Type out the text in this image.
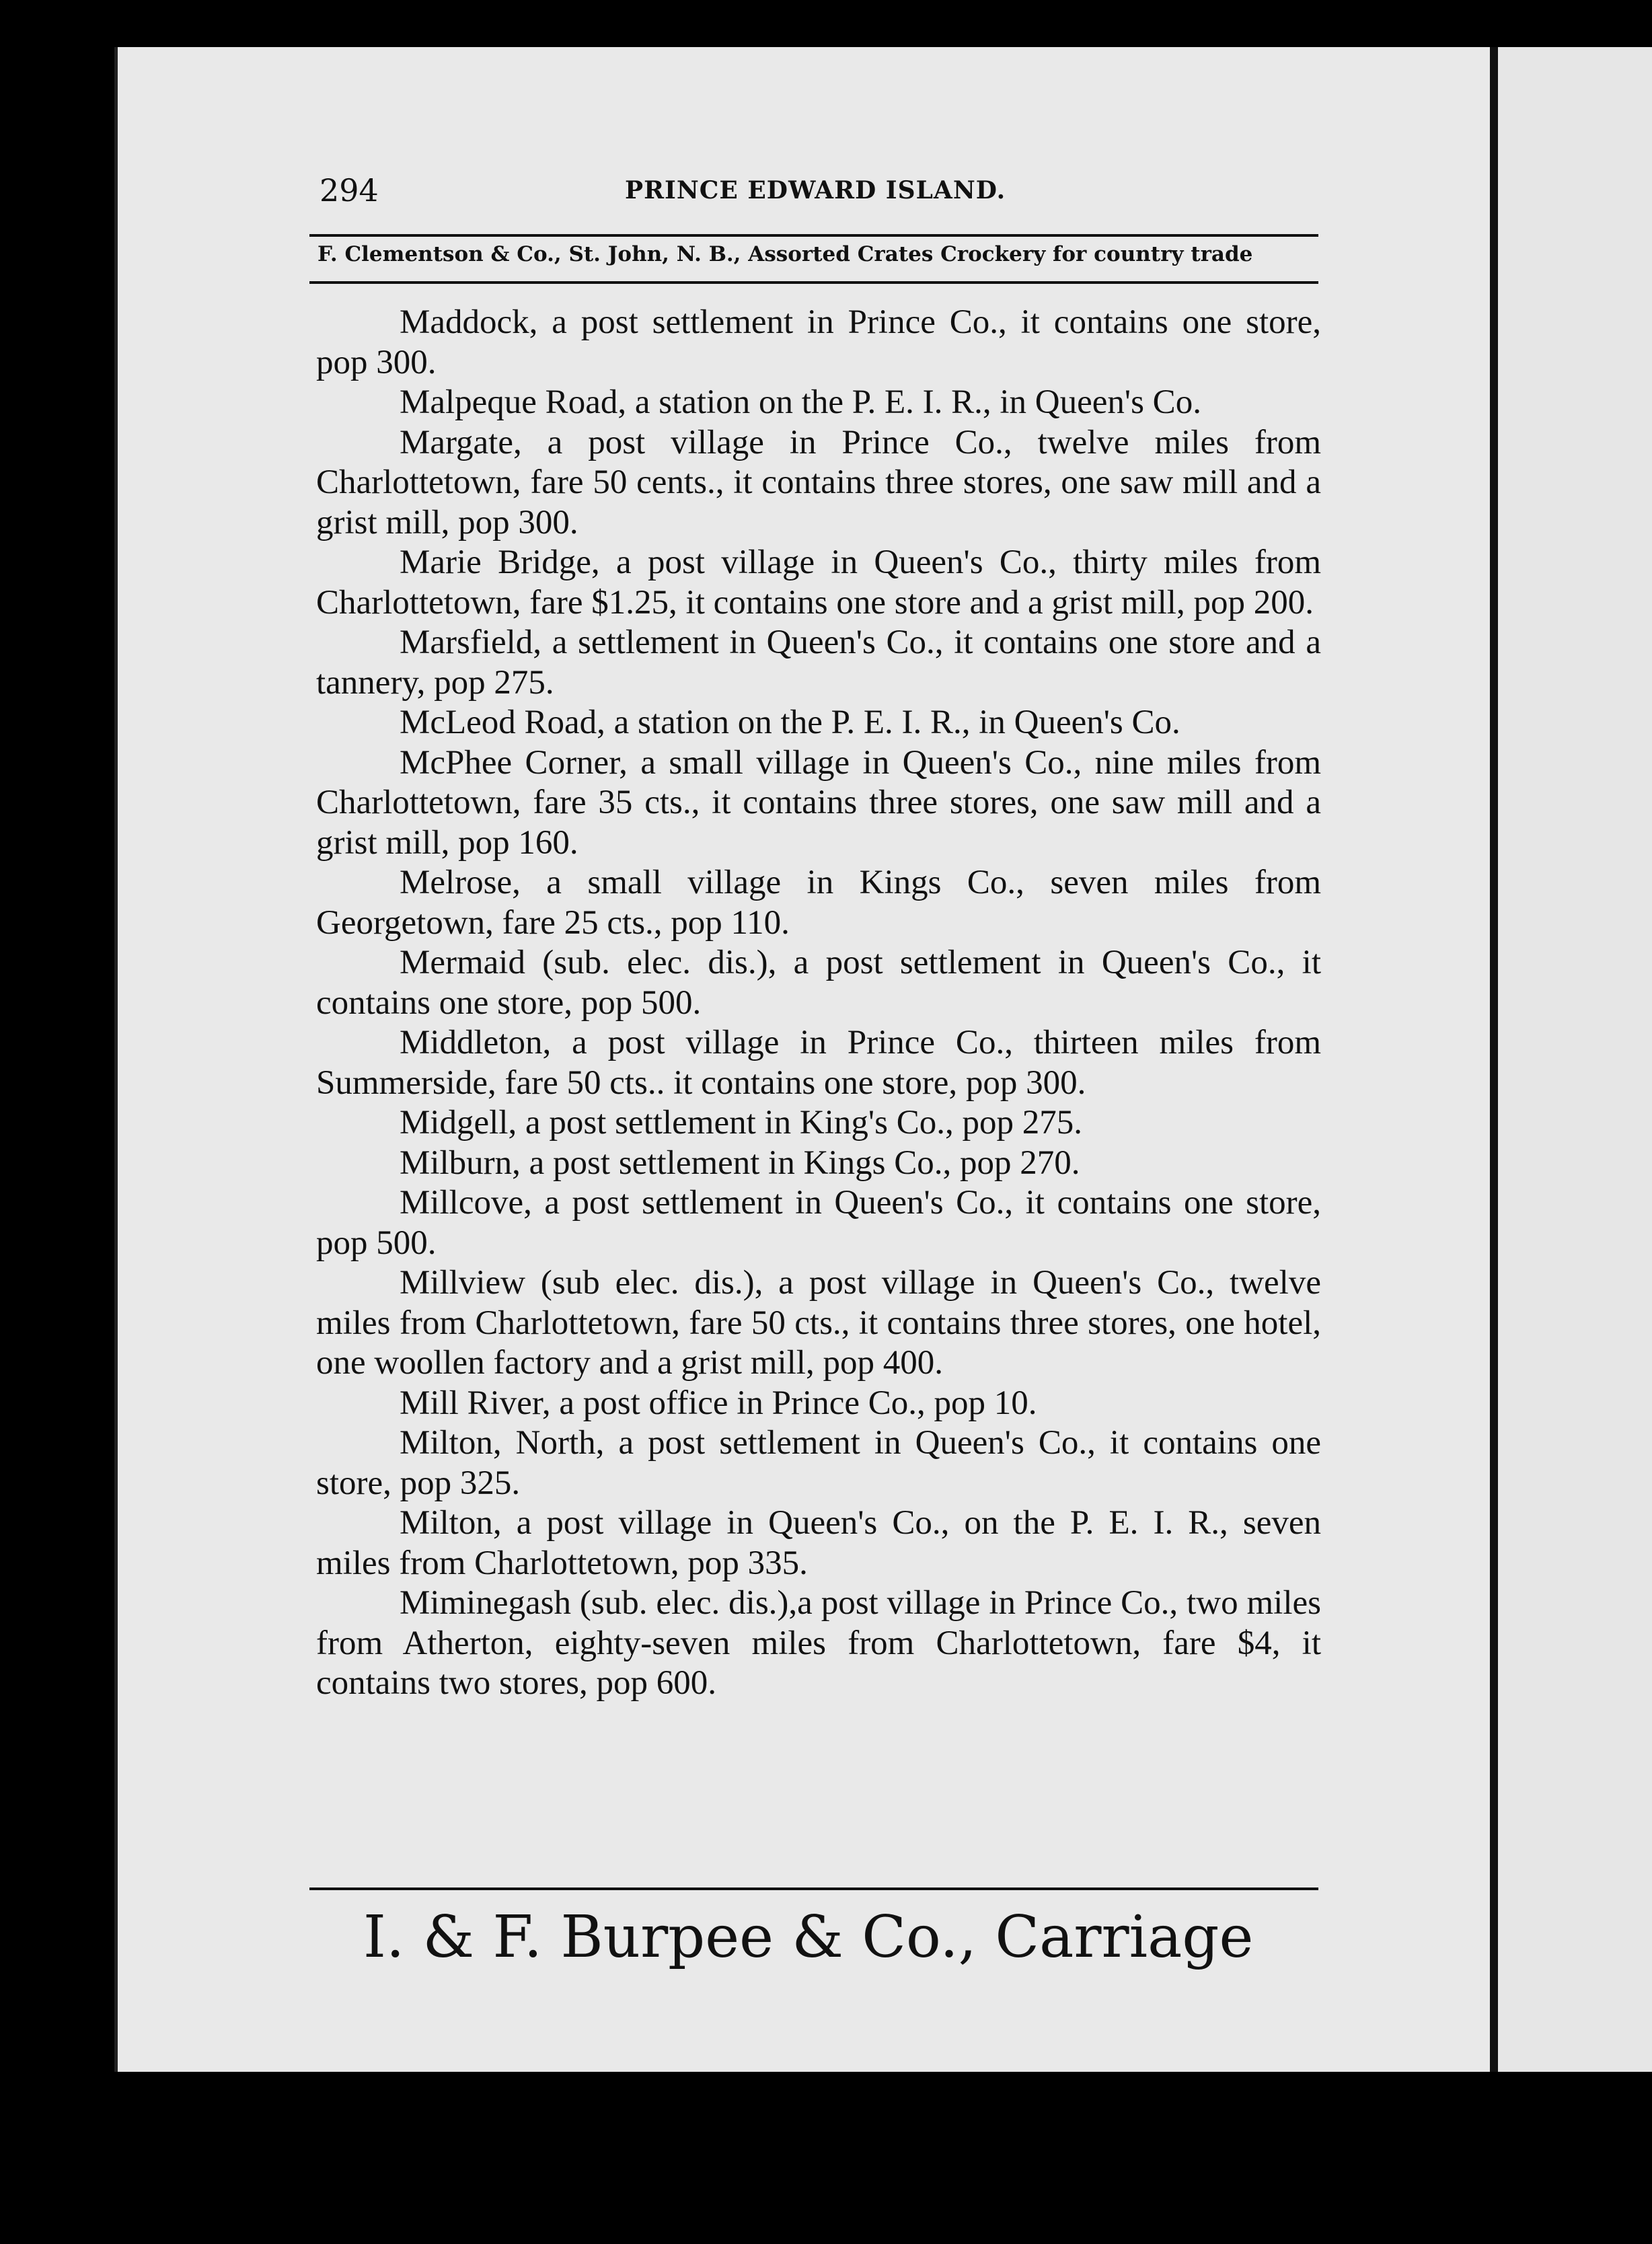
294	PRINCE EDWARD ISLAND.
F. Clementson & Co., St. John, N. B., Assorted Crates Crockery for country trade

Maddock, a post settlement in Prince Co., it contains one store, pop 300.

Malpeque Road, a station on the P. E. I. R., in Queen's Co.

Margate, a post village in Prince Co., twelve miles from Charlottetown, fare 50 cents., it contains three stores, one saw mill and a grist mill, pop 300.

Marie Bridge, a post village in Queen's Co., thirty miles from Charlottetown, fare $1.25, it contains one store and a grist mill, pop 200.

Marsfield, a settlement in Queen's Co., it contains one store and a tannery, pop 275.

McLeod Road, a station on the P. E. I. R., in Queen's Co.

McPhee Corner, a small village in Queen's Co., nine miles from Charlottetown, fare 35 cts., it contains three stores, one saw mill and a grist mill, pop 160.

Melrose, a small village in Kings Co., seven miles from Georgetown, fare 25 cts., pop 110.

Mermaid (sub. elec. dis.), a post settlement in Queen's Co., it contains one store, pop 500.

Middleton, a post village in Prince Co., thirteen miles from Summerside, fare 50 cts.. it contains one store, pop 300.

Midgell, a post settlement in King's Co., pop 275.

Milburn, a post settlement in Kings Co., pop 270.

Millcove, a post settlement in Queen's Co., it contains one store, pop 500.

Millview (sub elec. dis.), a post village in Queen's Co., twelve miles from Charlottetown, fare 50 cts., it contains three stores, one hotel, one woollen factory and a grist mill, pop 400.

Mill River, a post office in Prince Co., pop 10.

Milton, North, a post settlement in Queen's Co., it contains one store, pop 325.

Milton, a post village in Queen's Co., on the P. E. I. R., seven miles from Charlottetown, pop 335.

Miminegash (sub. elec. dis.),a post village in Prince Co., two miles from Atherton, eighty-seven miles from Charlottetown, fare $4, it contains two stores, pop 600.

I. & F. Burpee & Co., Carriage
